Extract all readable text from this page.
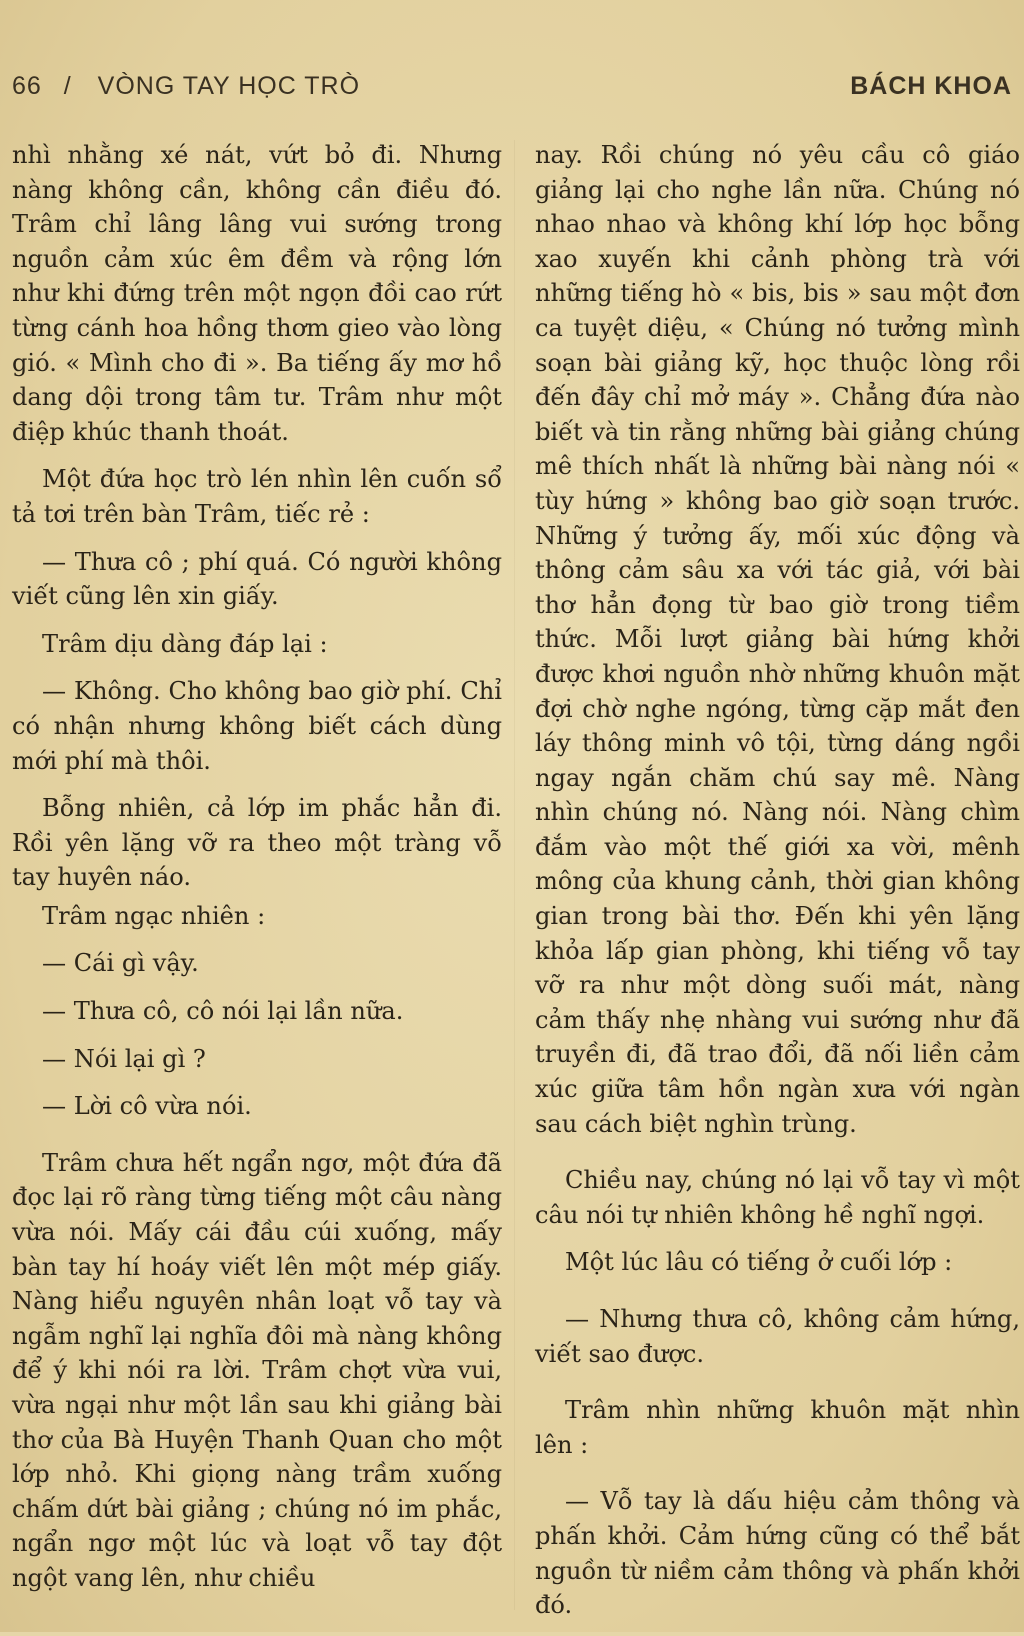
66 / VÒNG TAY HỌC TRÒ	BÁCH KHOA

nhì nhằng xé nát, vứt bỏ đi. Nhưng nàng không cần, không cần điều đó. Trâm chỉ lâng lâng vui sướng trong nguồn cảm xúc êm đềm và rộng lớn như khi đứng trên một ngọn đồi cao rứt từng cánh hoa hồng thơm gieo vào lòng gió. « Mình cho đi ». Ba tiếng ấy mơ hồ dang dội trong tâm tư. Trâm như một điệp khúc thanh thoát.

Một đứa học trò lén nhìn lên cuốn sổ tả tơi trên bàn Trâm, tiếc rẻ :

— Thưa cô ; phí quá. Có người không viết cũng lên xin giấy.

Trâm dịu dàng đáp lại :

— Không. Cho không bao giờ phí. Chỉ có nhận nhưng không biết cách dùng mới phí mà thôi.

Bỗng nhiên, cả lớp im phắc hẳn đi. Rồi yên lặng vỡ ra theo một tràng vỗ tay huyên náo.

Trâm ngạc nhiên :

— Cái gì vậy.

— Thưa cô, cô nói lại lần nữa.

— Nói lại gì ?

— Lời cô vừa nói.

Trâm chưa hết ngẩn ngơ, một đứa đã đọc lại rõ ràng từng tiếng một câu nàng vừa nói. Mấy cái đầu cúi xuống, mấy bàn tay hí hoáy viết lên một mép giấy. Nàng hiểu nguyên nhân loạt vỗ tay và ngẫm nghĩ lại nghĩa đôi mà nàng không để ý khi nói ra lời. Trâm chợt vừa vui, vừa ngại như một lần sau khi giảng bài thơ của Bà Huyện Thanh Quan cho một lớp nhỏ. Khi giọng nàng trầm xuống chấm dứt bài giảng ; chúng nó im phắc, ngẩn ngơ một lúc và loạt vỗ tay đột ngột vang lên, như chiều

nay. Rồi chúng nó yêu cầu cô giáo giảng lại cho nghe lần nữa. Chúng nó nhao nhao và không khí lớp học bỗng xao xuyến khi cảnh phòng trà với những tiếng hò « bis, bis » sau một đơn ca tuyệt diệu, « Chúng nó tưởng mình soạn bài giảng kỹ, học thuộc lòng rồi đến đây chỉ mở máy ». Chẳng đứa nào biết và tin rằng những bài giảng chúng mê thích nhất là những bài nàng nói « tùy hứng » không bao giờ soạn trước. Những ý tưởng ấy, mối xúc động và thông cảm sâu xa với tác giả, với bài thơ hẳn đọng từ bao giờ trong tiềm thức. Mỗi lượt giảng bài hứng khởi được khơi nguồn nhờ những khuôn mặt đợi chờ nghe ngóng, từng cặp mắt đen láy thông minh vô tội, từng dáng ngồi ngay ngắn chăm chú say mê. Nàng nhìn chúng nó. Nàng nói. Nàng chìm đắm vào một thế giới xa vời, mênh mông của khung cảnh, thời gian không gian trong bài thơ. Đến khi yên lặng khỏa lấp gian phòng, khi tiếng vỗ tay vỡ ra như một dòng suối mát, nàng cảm thấy nhẹ nhàng vui sướng như đã truyền đi, đã trao đổi, đã nối liền cảm xúc giữa tâm hồn ngàn xưa với ngàn sau cách biệt nghìn trùng.

Chiều nay, chúng nó lại vỗ tay vì một câu nói tự nhiên không hề nghĩ ngợi.

Một lúc lâu có tiếng ở cuối lớp :

— Nhưng thưa cô, không cảm hứng, viết sao được.

Trâm nhìn những khuôn mặt nhìn lên :

— Vỗ tay là dấu hiệu cảm thông và phấn khởi. Cảm hứng cũng có thể bắt nguồn từ niềm cảm thông và phấn khởi đó.
